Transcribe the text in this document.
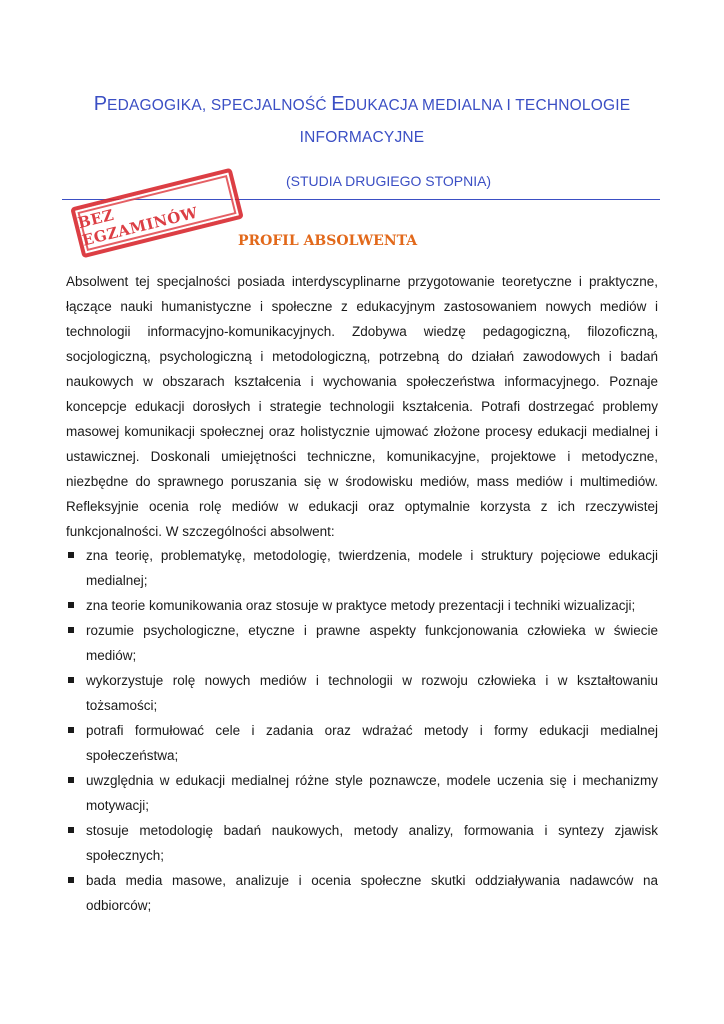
PEDAGOGIKA, SPECJALNOŚĆ EDUKACJA MEDIALNA I TECHNOLOGIE
INFORMACYJNE
(STUDIA DRUGIEGO STOPNIA)
BEZ EGZAMINÓW	PROFIL ABSOLWENTA

Absolwent tej specjalności posiada interdyscyplinarne przygotowanie teoretyczne i praktyczne, łączące nauki humanistyczne i społeczne z edukacyjnym zastosowaniem nowych mediów i technologii informacyjno-komunikacyjnych. Zdobywa wiedzę pedagogiczną, filozoficzną, socjologiczną, psychologiczną i metodologiczną, potrzebną do działań zawodowych i badań naukowych w obszarach kształcenia i wychowania społeczeństwa informacyjnego. Poznaje koncepcje edukacji dorosłych i strategie technologii kształcenia. Potrafi dostrzegać problemy masowej komunikacji społecznej oraz holistycznie ujmować złożone procesy edukacji medialnej i ustawicznej. Doskonali umiejętności techniczne, komunikacyjne, projektowe i metodyczne, niezbędne do sprawnego poruszania się w środowisku mediów, mass mediów i multimediów. Refleksyjnie ocenia rolę mediów w edukacji oraz optymalnie korzysta z ich rzeczywistej funkcjonalności. W szczególności absolwent:

zna teorię, problematykę, metodologię, twierdzenia, modele i struktury pojęciowe edukacji medialnej;
zna teorie komunikowania oraz stosuje w praktyce metody prezentacji i techniki wizualizacji;
rozumie psychologiczne, etyczne i prawne aspekty funkcjonowania człowieka w świecie mediów;
wykorzystuje rolę nowych mediów i technologii w rozwoju człowieka i w kształtowaniu tożsamości;
potrafi formułować cele i zadania oraz wdrażać metody i formy edukacji medialnej społeczeństwa;
uwzględnia w edukacji medialnej różne style poznawcze, modele uczenia się i mechanizmy motywacji;
stosuje metodologię badań naukowych, metody analizy, formowania i syntezy zjawisk społecznych;
bada media masowe, analizuje i ocenia społeczne skutki oddziaływania nadawców na odbiorców;
